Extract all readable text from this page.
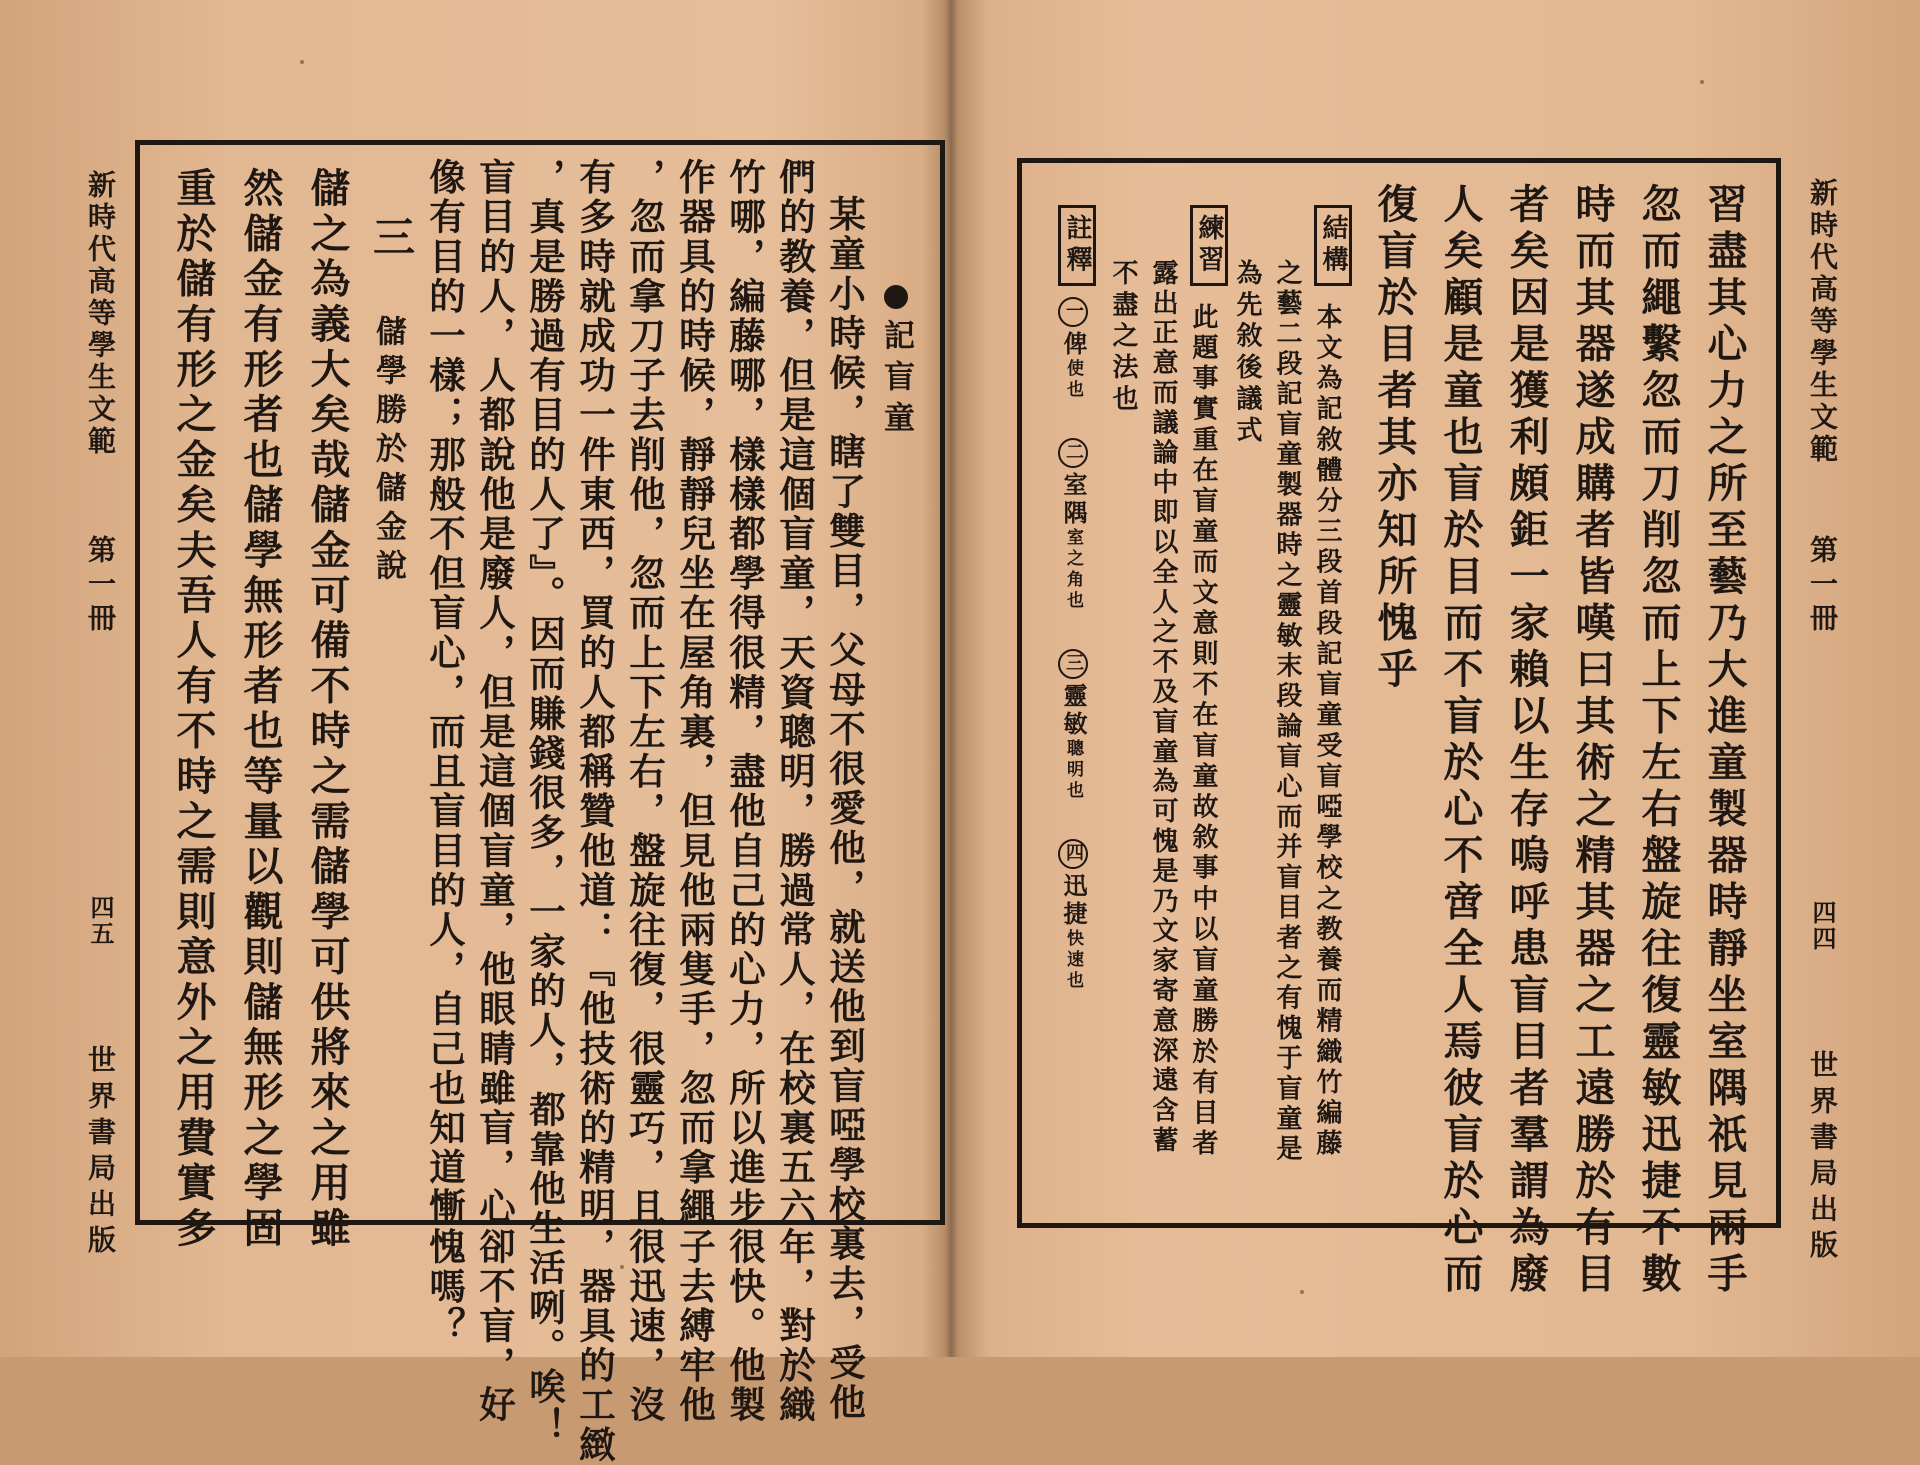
世界書局出版
四五
第一冊
新時代高等學生文範	記盲童
某童小時候，瞎了雙目，父母不很愛他，就送他到盲啞學校裏去，受他
們的教養，但是這個盲童，天資聰明，勝過常人，在校裏五六年，對於織
竹哪，編藤哪，樣樣都學得很精，盡他自己的心力，所以進步很快。他製
作器具的時候，靜靜兒坐在屋角裏，但見他兩隻手，忽而拿繩子去縛牢他
，忽而拿刀子去削他，忽而上下左右，盤旋往復，很靈巧，且很迅速，沒
有多時就成功一件東西，買的人都稱贊他道：『他技術的精明，器具的工緻
，真是勝過有目的人了』。因而賺錢很多，一家的人，都靠他生活咧。唉！
盲目的人，人都說他是廢人，但是這個盲童，他眼睛雖盲，心卻不盲，好
像有目的一樣；那般不但盲心，而且盲目的人，自己也知道慚愧嗎？
三
儲學勝於儲金說
儲之為義大矣哉儲金可備不時之需儲學可供將來之用雖
然儲金有形者也儲學無形者也等量以觀則儲無形之學固
重於儲有形之金矣夫吾人有不時之需則意外之用費實多	新時代高等學生文範
第一冊
四四
世界書局出版
習盡其心力之所至藝乃大進童製器時靜坐室隅祇見兩手
忽而繩繫忽而刀削忽而上下左右盤旋往復靈敏迅捷不數
時而其器遂成購者皆嘆曰其術之精其器之工遠勝於有目
者矣因是獲利頗鉅一家賴以生存嗚呼患盲目者羣謂為廢
人矣顧是童也盲於目而不盲於心不啻全人焉彼盲於心而
復盲於目者其亦知所愧乎
結構
本文為記敘體分三段首段記盲童受盲啞學校之教養而精織竹編藤
之藝二段記盲童製器時之靈敏末段論盲心而并盲目者之有愧于盲童是
為先敘後議式
練習
此題事實重在盲童而文意則不在盲童故敘事中以盲童勝於有目者
露出正意而議論中即以全人之不及盲童為可愧是乃文家寄意深遠含蓄
不盡之法也
註釋
一俾使也 二室隅室之角也 三靈敏聰明也 四迅捷快速也
